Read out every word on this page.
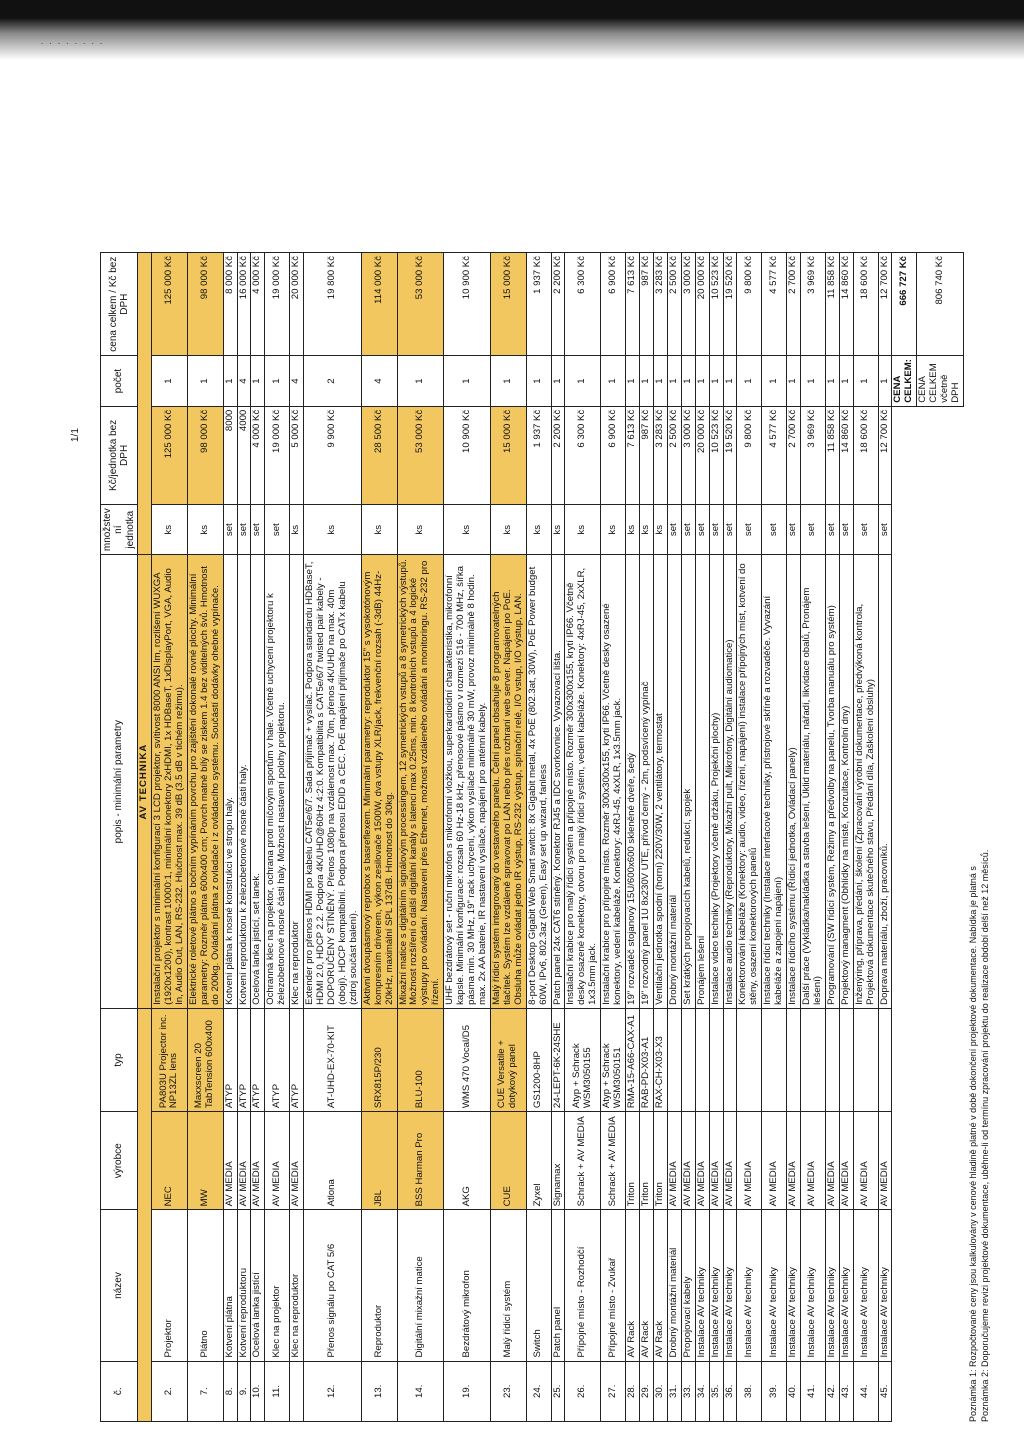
· · · · · · · ·
1/1
č.	název	výrobce	typ	popis - minimální parametry	množstev ní jednotka	Kč/jednotka bez DPH	počet	cena celkem / Kč bez DPH
				AV TECHNIKA				
2.	Projektor	NEC	PA803U Projector inc. NP13ZL lens	Instalační projektor s minimální konfigurací 3 LCD projektor, svítivost 8000 ANSI lm, rozlišení WUXGA (1920x1200), kontrast 10000:1, minimální konektory 2xHDMI, 1x HDBaseT, 1xDisplayPort, VGA, Audio In, Audio Out, LAN, RS-232. Hlučnost max. 39 dB (3.5 dB v tichém režimu).	ks	125 000 Kč	1	125 000 Kč
7.	Plátno	MW	Maxxscreen 20 TabTension 600x400	Elektrické roletové plátno s bočním vypínáním povrchu pro zajištění dokonalé rovné plochy. Minimální parametry: Rozměr plátna 600x400 cm; Povrch matně bílý se ziskem 1.4 bez viditelných švů. Hmotnost do 200kg. Ovládání plátna z ovladače i z ovládacího systému. Součástí dodávky ohebné vypínače.	ks	98 000 Kč	1	98 000 Kč
8.	Kotvení plátna	AV MEDIA	ATYP	Kotvení plátna k nosné konstrukci ve stropu haly.	set	8000	1	8 000 Kč
9.	Kotvení reproduktoru	AV MEDIA	ATYP	Kotvení reproduktoru k železobetonové nosné části haly.	set	4000	4	16 000 Kč
10.	Ocelová lanka jistící	AV MEDIA	ATYP	Ocelová lanka jistící, set lanek.	set	4 000 Kč	1	4 000 Kč
11.	Klec na projektor	AV MEDIA	ATYP	Ochranná klec na projektor, ochrana proti míčovým sportům v hale. Včetně uchycení projektoru k železobetonové nosné části haly. Možnost nastavení polohy projektoru.	set	19 000 Kč	1	19 000 Kč
	Klec na reproduktor	AV MEDIA	ATYP	Klec na reproduktor	ks	5 000 Kč	4	20 000 Kč
12.	Přenos signálu po CAT 5/6	Atlona	AT-UHD-EX-70-KIT	Extender pro přenos HDMI po kabelu CAT5e/6/7. Sada přijímač + vysílač. Podpora standardu HDBaseT, HDMI 2.0, HDCP 2.2. Podpora 4K/UHD@60Hz 4:2:0. Kompatibilita s CAT5e/6/7 twisted pair kabely - DOPORUČENY STÍNĚNÝ. Přenos 1080p na vzdálenost max. 70m, přenos 4K/UHD na max. 40m (obojí). HDCP kompatibilní. Podpora přenosu EDID a CEC. PoE napájení přijímače po CATx kabelu (zdroj součást balení).	ks	9 900 Kč	2	19 800 Kč
13.	Reproduktor	JBL	SRX815P/230	Aktivní dvoupásmový reprobox s basreflexem. Minimální parametry: reproduktor 15" s vysokotónovým kompresním driverem, výkon zesilovače 1500W, dva vstupy XLR/jack, frekvenční rozsah (-3dB) 44Hz-20kHz, maximální SPL 137dB. Hmotnost do 30kg.	ks	28 500 Kč	4	114 000 Kč
14.	Digitální mixažní matice	BSS Harman Pro	BLU-100	Mixažní matice s digitálním signálovým processingem, 12 symetrických vstupů a 8 symetrických výstupů. Možnost rozšíření o další digitální kanály s latencí max 0.25ms, min. 8 kontrolních vstupů a 4 logické výstupy pro ovládání. Nastavení přes Ethernet, možnost vzdáleného ovládání a monitoringu. RS-232 pro řízení.	ks	53 000 Kč	1	53 000 Kč
19.	Bezdrátový mikrofon	AKG	WMS 470 Vocal/D5	UHF bezdrátový set - ruční mikrofon s mikrofonní vložkou, superkardioidní charakteristika, mikrofonní kapsle. Minimální konfigurace: rozsah 60 Hz-18 kHz, přenosové pásmo v rozmezí 516 - 700 MHz, šířka pásma min. 30 MHz, 19" rack uchycení, výkon vysílače minimálně 30 mW, provoz minimálně 8 hodin. max. 2x AA baterie, IR nastavení vysílače, napájení pro anténní kabely.	ks	10 900 Kč	1	10 900 Kč
23.	Malý řídicí systém	CUE	CUE Versatile + dotykový panel	Malý řídicí systém integrovaný do vestavného panelu. Čelní panel obsahuje 8 programovatelných tlačítek. Systém lze vzdáleně spravovat po LAN nebo přes rozhraní web server. Napájení po PoE. Obsluha může ovládat jedno IR výstup, RS-232 výstup, spínační relé, I/O vstup, I/O výstup, LAN.	ks	15 000 Kč	1	15 000 Kč
24.	Switch	Zyxel	GS1200-8HP	8-port Desktop Gigabit Web Smart switch: 8x Gigabit metal, 4x PoE (802.3at, 30W), PoE Power budget 60W, IPv6, 802.3az (Green), Easy set up wizard, fanless	ks	1 937 Kč	1	1 937 Kč
25.	Patch panel	Signamax	24-LEPT-6K-24SHE	Patch panel 24x CAT6 stíněný. Konektor RJ45 a IDC svorkovnice. Vyvazovací lišta.	ks	2 200 Kč	1	2 200 Kč
26.	Přípojné místo - Rozhodčí	Schrack + AV MEDIA	Atyp + Schrack WSM3050155	Instalační krabice pro malý řídicí systém a přípojné místo. Rozměr 300x300x155, krytí IP66. Včetně desky osazené konektory, otvoru pro malý řídicí systém, vedení kabeláže. Konektory: 4xRJ-45, 2xXLR, 1x3.5mm jack.	ks	6 300 Kč	1	6 300 Kč
27.	Přípojné místo - Zvukař	Schrack + AV MEDIA	Atyp + Schrack WSM3050151	Instalační krabice pro přípojné místo. Rozměr 300x300x155, krytí IP66. Včetně desky osazené konektory, vedení kabeláže. Konektory: 4xRJ-45, 4xXLR, 1x3.5mm jack.	ks	6 900 Kč	1	6 900 Kč
28.	AV Rack	Triton	RMA-15-A66-CAX-A1	19" rozvaděč stojanový 15U/600x600 skleněné dveře, šedý	ks	7 613 Kč	1	7 613 Kč
29.	AV Rack	Triton	RAB-PD-X03-A1	19" rozvodný panel 1U 8x230V UTE, přívod černý - 2m, podsvícený vypínač	ks	987 Kč	1	987 Kč
30.	AV Rack	Triton	RAX-CH-X03-X3	Ventilační jednotka spodní (horní) 220V/30W, 2 ventilátory, termostat	ks	3 283 Kč	1	3 283 Kč
31.	Drobný montážní materiál	AV MEDIA		Drobný montážní materiál	set	2 500 Kč	1	2 500 Kč
33.	Propojovací kabely	AV MEDIA		Set krátkých propojovacích kabelů, redukcí, spojek	set	3 000 Kč	1	3 000 Kč
34.	Instalace AV techniky	AV MEDIA		Pronájem lešení	set	20 000 Kč	1	20 000 Kč
35.	Instalace AV techniky	AV MEDIA		Instalace video techniky (Projektory včetně držáku, Projekční plochy)	set	10 523 Kč	1	10 523 Kč
36.	Instalace AV techniky	AV MEDIA		Instalace audio techniky (Reproduktory, Mixažní pult, Mikrofony, Digitální audiomatice)	set	19 520 Kč	1	19 520 Kč
38.	Instalace AV techniky	AV MEDIA		Konektorování kabeláže (Konektory: audio, video, řízení, napájení) instalace přípojných míst, kotvení do stěny, osazení konektorových panelů	set	9 800 Kč	1	9 800 Kč
39.	Instalace AV techniky	AV MEDIA		Instalace řídicí techniky (Instalace interfacové techniky, přístrojové skříně a rozvaděče. Vyvazání kabeláže a zapojení napájení)	set	4 577 Kč	1	4 577 Kč
40.	Instalace AV techniky	AV MEDIA		Instalace řídicího systému (Řídicí jednotka, Ovládací panely)	set	2 700 Kč	1	2 700 Kč
41.	Instalace AV techniky	AV MEDIA		Další práce (Vykládka/nakládka a stavba lešení, Úklid materiálu, nářadí, likvidace obalů, Pronájem lešení)	set	3 969 Kč	1	3 969 Kč
42.	Instalace AV techniky	AV MEDIA		Programování (SW řídicí systém, Režimy a předvolby na panelu, Tvorba manuálu pro systém)	set	11 858 Kč	1	11 858 Kč
43.	Instalace AV techniky	AV MEDIA		Projektový managment (Obhlídky na místě, Konzultace, Kontrolní dny)	set	14 860 Kč	1	14 860 Kč
44.	Instalace AV techniky	AV MEDIA		Inženýring, příprava, předání, školení (Zpracování výrobní dokumentace, předvýkoná kontrola, Projektová dokumentace skutečného stavu, Předání díla, Zaškolení obsluhy)	set	18 600 Kč	1	18 600 Kč
45.	Instalace AV techniky	AV MEDIA		Doprava materiálu, zboží, pracovníků.	set	12 700 Kč	1	12 700 Kč
							CENA CELKEM:	666 727 Kč
							CENA CELKEM včetně DPH	806 740 Kč
Poznámka 1: Rozpočtované ceny jsou kalkulovány v cenové hladině platné v době dokončení projektové dokumentace. Nabídka je platná s Poznámka 2: Doporučujeme revizi projektové dokumentace, uběhne-li od termínu zpracování projektu do realizace období delší než 12 měsíců.
